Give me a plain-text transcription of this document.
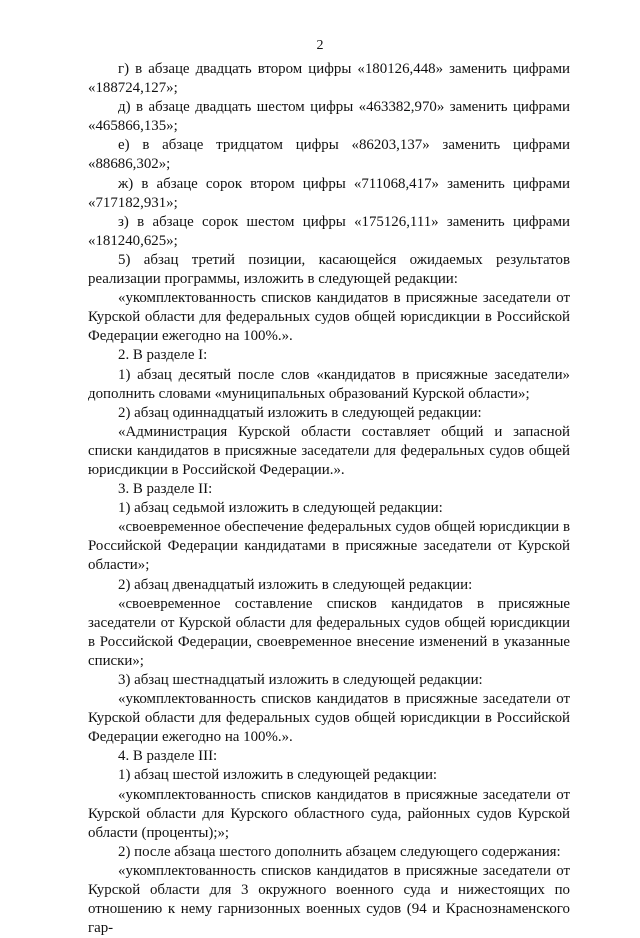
2

г) в абзаце двадцать втором цифры «180126,448» заменить цифрами «188724,127»;

д) в абзаце двадцать шестом цифры «463382,970» заменить цифрами «465866,135»;

е) в абзаце тридцатом цифры «86203,137» заменить цифрами «88686,302»;

ж) в абзаце сорок втором цифры «711068,417» заменить цифрами «717182,931»;

з) в абзаце сорок шестом цифры «175126,111» заменить цифрами «181240,625»;

5) абзац третий позиции, касающейся ожидаемых результатов реализации программы, изложить в следующей редакции:

«укомплектованность списков кандидатов в присяжные заседатели от Курской области для федеральных судов общей юрисдикции в Российской Федерации ежегодно на 100%.».

2. В разделе I:

1) абзац десятый после слов «кандидатов в присяжные заседатели» дополнить словами «муниципальных образований Курской области»;

2) абзац одиннадцатый изложить в следующей редакции:

«Администрация Курской области составляет общий и запасной списки кандидатов в присяжные заседатели для федеральных судов общей юрисдикции в Российской Федерации.».

3. В разделе II:

1) абзац седьмой изложить в следующей редакции:

«своевременное обеспечение федеральных судов общей юрисдикции в Российской Федерации кандидатами в присяжные заседатели от Курской области»;

2) абзац двенадцатый изложить в следующей редакции:

«своевременное составление списков кандидатов в присяжные заседатели от Курской области для федеральных судов общей юрисдикции в Российской Федерации, своевременное внесение изменений в указанные списки»;

3) абзац шестнадцатый изложить в следующей редакции:

«укомплектованность списков кандидатов в присяжные заседатели от Курской области для федеральных судов общей юрисдикции в Российской Федерации ежегодно на 100%.».

4. В разделе III:

1) абзац шестой изложить в следующей редакции:

«укомплектованность списков кандидатов в присяжные заседатели от Курской области для Курского областного суда, районных судов Курской области (проценты);»;

2) после абзаца шестого дополнить абзацем следующего содержания:

«укомплектованность списков кандидатов в присяжные заседатели от Курской области для 3 окружного военного суда и нижестоящих по отношению к нему гарнизонных военных судов (94 и Краснознаменского гар-
